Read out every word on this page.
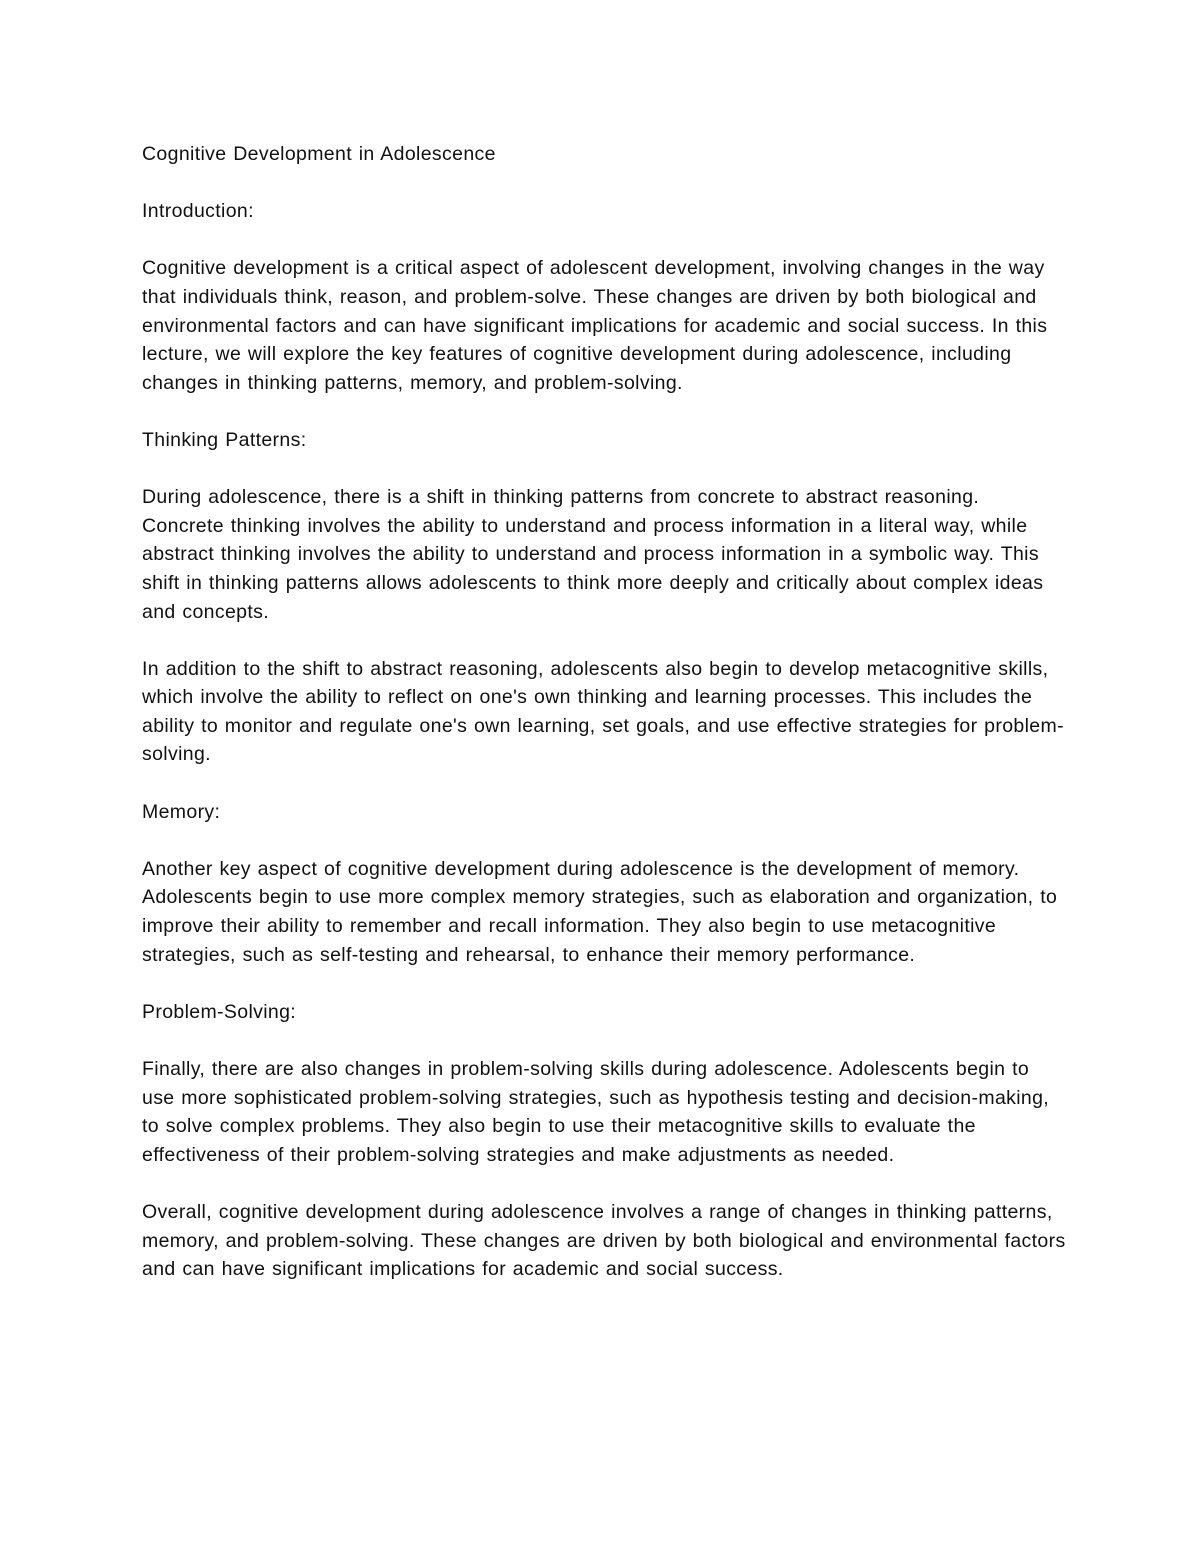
Cognitive Development in Adolescence

Introduction:

Cognitive development is a critical aspect of adolescent development, involving changes in the way that individuals think, reason, and problem-solve. These changes are driven by both biological and environmental factors and can have significant implications for academic and social success. In this lecture, we will explore the key features of cognitive development during adolescence, including changes in thinking patterns, memory, and problem-solving.

Thinking Patterns:

During adolescence, there is a shift in thinking patterns from concrete to abstract reasoning. Concrete thinking involves the ability to understand and process information in a literal way, while abstract thinking involves the ability to understand and process information in a symbolic way. This shift in thinking patterns allows adolescents to think more deeply and critically about complex ideas and concepts.

In addition to the shift to abstract reasoning, adolescents also begin to develop metacognitive skills, which involve the ability to reflect on one's own thinking and learning processes. This includes the ability to monitor and regulate one's own learning, set goals, and use effective strategies for problem-solving.

Memory:

Another key aspect of cognitive development during adolescence is the development of memory. Adolescents begin to use more complex memory strategies, such as elaboration and organization, to improve their ability to remember and recall information. They also begin to use metacognitive strategies, such as self-testing and rehearsal, to enhance their memory performance.

Problem-Solving:

Finally, there are also changes in problem-solving skills during adolescence. Adolescents begin to use more sophisticated problem-solving strategies, such as hypothesis testing and decision-making, to solve complex problems. They also begin to use their metacognitive skills to evaluate the effectiveness of their problem-solving strategies and make adjustments as needed.

Overall, cognitive development during adolescence involves a range of changes in thinking patterns, memory, and problem-solving. These changes are driven by both biological and environmental factors and can have significant implications for academic and social success.
